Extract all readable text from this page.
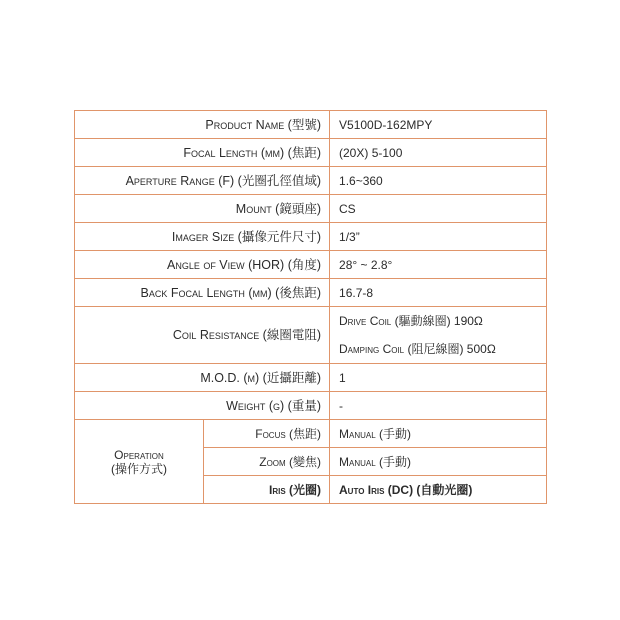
Product Name (型號)		V5100D-162MPY
Focal Length (mm) (焦距)		(20X) 5-100
Aperture Range (F) (光圈孔徑值域)		1.6~360
Mount (鏡頭座)		CS
Imager Size (攝像元件尺寸)		1/3”
Angle of View (HOR) (角度)		28° ~ 2.8°
Back Focal Length (mm) (後焦距)		16.7-8
Coil Resistance (線圈電阻)		Drive Coil (驅動線圈) 190Ω
Damping Coil (阻尼線圈) 500Ω

M.O.D. (m) (近攝距離)		1
Weight (g) (重量)		-

Operation
(操作方式)	Focus (焦距)	Manual (手動)
	Zoom (變焦)	Manual (手動)
	Iris (光圈)	Auto Iris (DC) (自動光圈)
